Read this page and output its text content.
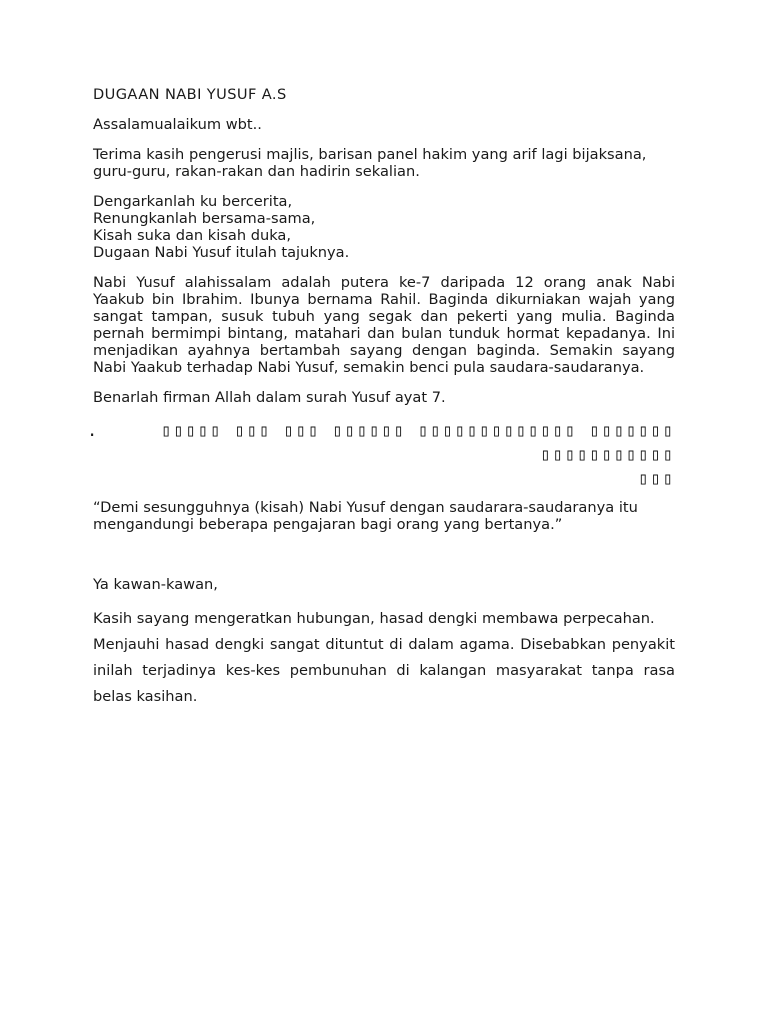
DUGAAN NABI YUSUF A.S

Assalamualaikum wbt..

Terima kasih pengerusi majlis, barisan panel hakim yang arif lagi bijaksana, guru-guru, rakan-rakan dan hadirin sekalian.

Dengarkanlah ku bercerita,
Renungkanlah bersama-sama,
Kisah suka dan kisah duka,
Dugaan Nabi Yusuf itulah tajuknya.

Nabi Yusuf alahissalam adalah putera ke-7 daripada 12 orang anak Nabi Yaakub bin Ibrahim. Ibunya bernama Rahil. Baginda dikurniakan wajah yang sangat tampan, susuk tubuh yang segak dan pekerti yang mulia. Baginda pernah bermimpi bintang, matahari dan bulan tunduk hormat kepadanya. Ini menjadikan ayahnya bertambah sayang dengan baginda. Semakin sayang Nabi Yaakub terhadap Nabi Yusuf, semakin benci pula saudara-saudaranya.

Benarlah firman Allah dalam surah Yusuf ayat 7.

.	▯▯▯▯▯ ▯▯▯ ▯▯▯ ▯▯▯▯▯▯ ▯▯▯▯▯▯▯▯▯▯▯▯▯ ▯▯▯▯▯▯▯ ▯▯▯▯▯▯▯▯▯▯▯
▯▯▯

“Demi sesungguhnya (kisah) Nabi Yusuf dengan saudarara-saudaranya itu mengandungi beberapa pengajaran bagi orang yang bertanya.”

Ya kawan-kawan,

Kasih sayang mengeratkan hubungan, hasad dengki membawa perpecahan.

Menjauhi hasad dengki sangat dituntut di dalam agama. Disebabkan penyakit inilah terjadinya kes-kes pembunuhan di kalangan masyarakat tanpa rasa belas kasihan.
